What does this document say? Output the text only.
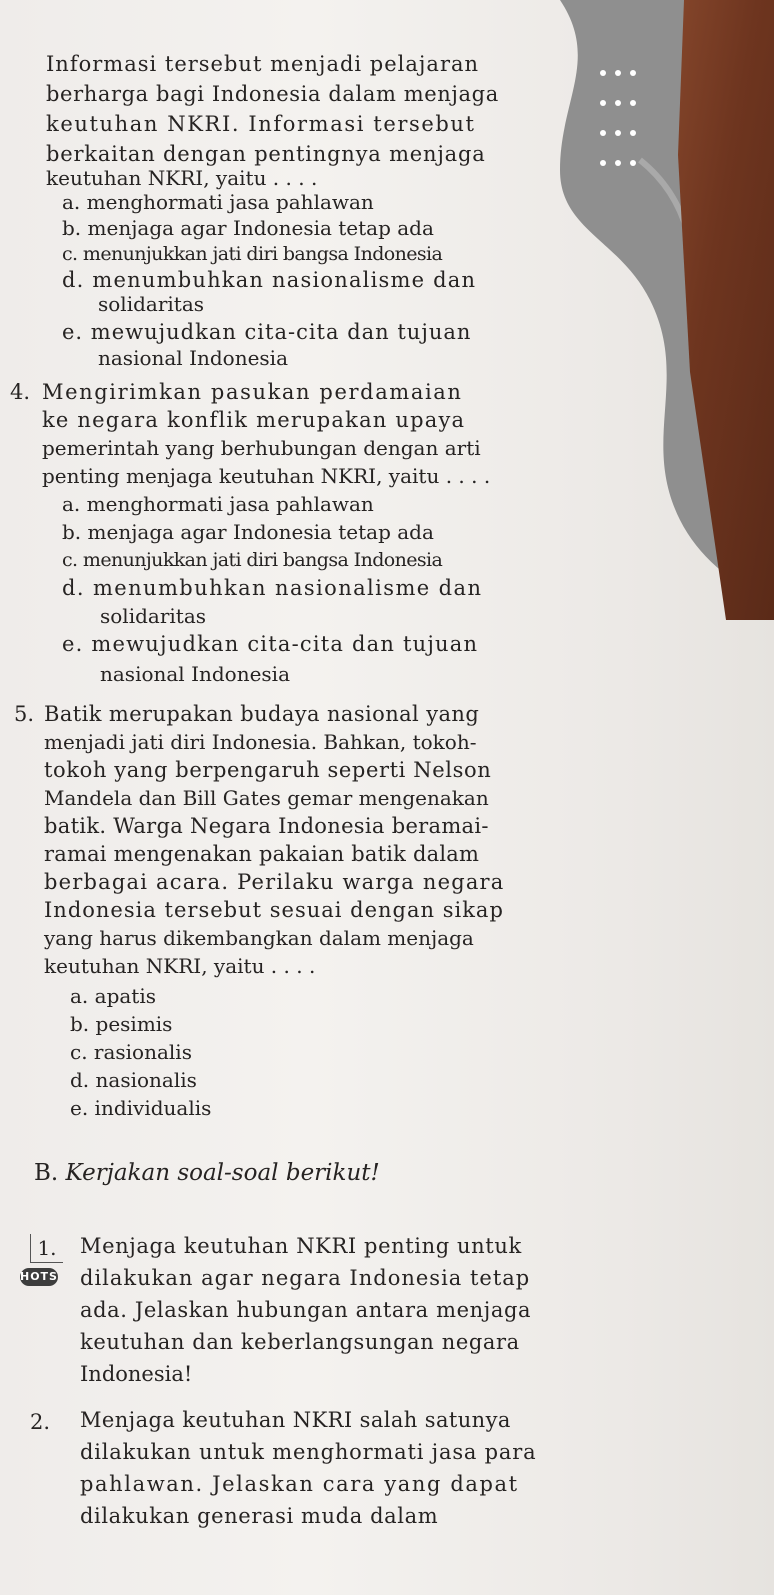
Informasi tersebut menjadi pelajaran
berharga bagi Indonesia dalam menjaga
keutuhan NKRI. Informasi tersebut
berkaitan dengan pentingnya menjaga
keutuhan NKRI, yaitu . . . .
a. menghormati jasa pahlawan
b. menjaga agar Indonesia tetap ada
c. menunjukkan jati diri bangsa Indonesia
d. menumbuhkan nasionalisme dan
solidaritas
e. mewujudkan cita-cita dan tujuan
nasional Indonesia
4. Mengirimkan pasukan perdamaian
ke negara konflik merupakan upaya
pemerintah yang berhubungan dengan arti
penting menjaga keutuhan NKRI, yaitu . . . .
a. menghormati jasa pahlawan
b. menjaga agar Indonesia tetap ada
c. menunjukkan jati diri bangsa Indonesia
d. menumbuhkan nasionalisme dan
solidaritas
e. mewujudkan cita-cita dan tujuan
nasional Indonesia
5. Batik merupakan budaya nasional yang
menjadi jati diri Indonesia. Bahkan, tokoh-
tokoh yang berpengaruh seperti Nelson
Mandela dan Bill Gates gemar mengenakan
batik. Warga Negara Indonesia beramai-
ramai mengenakan pakaian batik dalam
berbagai acara. Perilaku warga negara
Indonesia tersebut sesuai dengan sikap
yang harus dikembangkan dalam menjaga
keutuhan NKRI, yaitu . . . .
a. apatis
b. pesimis
c. rasionalis
d. nasionalis
e. individualis
B. Kerjakan soal-soal berikut!
1.
HOTS
Menjaga keutuhan NKRI penting untuk
dilakukan agar negara Indonesia tetap
ada. Jelaskan hubungan antara menjaga
keutuhan dan keberlangsungan negara
Indonesia!
2. Menjaga keutuhan NKRI salah satunya
dilakukan untuk menghormati jasa para
pahlawan. Jelaskan cara yang dapat
dilakukan generasi muda dalam
